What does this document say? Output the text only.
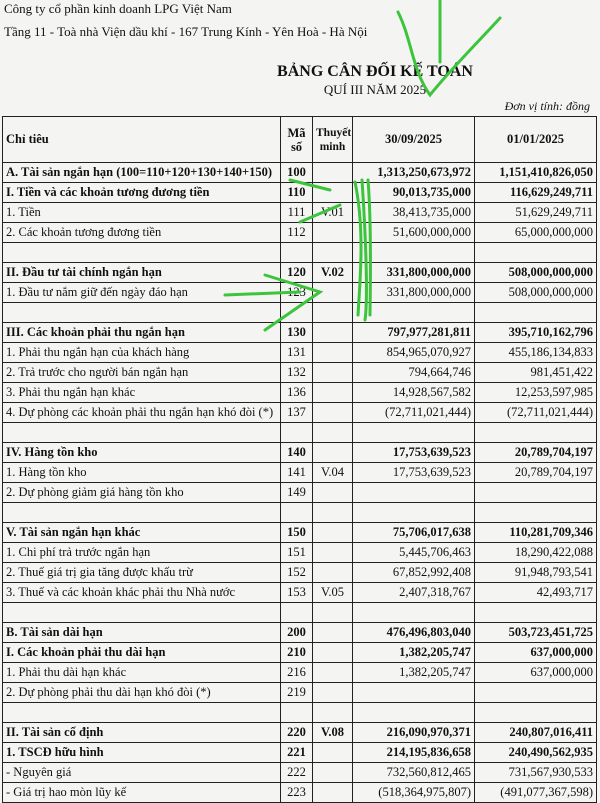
Công ty cổ phần kinh doanh LPG Việt Nam
Tầng 11 - Toà nhà Viện dầu khí - 167 Trung Kính - Yên Hoà - Hà Nội
BẢNG CÂN ĐỐI KẾ TOÁN
QUÍ III NĂM 2025
Đơn vị tính: đồng
Chỉ tiêu	Mã số	Thuyết minh	30/09/2025	01/01/2025
A. Tài sản ngắn hạn (100=110+120+130+140+150)	100		1,313,250,673,972	1,151,410,826,050
I. Tiền và các khoản tương đương tiền	110		90,013,735,000	116,629,249,711
1. Tiền	111	V.01	38,413,735,000	51,629,249,711
2. Các khoản tương đương tiền	112		51,600,000,000	65,000,000,000

II. Đầu tư tài chính ngắn hạn	120	V.02	331,800,000,000	508,000,000,000
1. Đầu tư nắm giữ đến ngày đáo hạn	123		331,800,000,000	508,000,000,000

III. Các khoản phải thu ngắn hạn	130		797,977,281,811	395,710,162,796
1. Phải thu ngắn hạn của khách hàng	131		854,965,070,927	455,186,134,833
2. Trả trước cho người bán ngắn hạn	132		794,664,746	981,451,422
3. Phải thu ngắn hạn khác	136		14,928,567,582	12,253,597,985
4. Dự phòng các khoản phải thu ngắn hạn khó đòi (*)	137		(72,711,021,444)	(72,711,021,444)

IV. Hàng tồn kho	140		17,753,639,523	20,789,704,197
1. Hàng tồn kho	141	V.04	17,753,639,523	20,789,704,197
2. Dự phòng giảm giá hàng tồn kho	149			

V. Tài sản ngắn hạn khác	150		75,706,017,638	110,281,709,346
1. Chi phí trả trước ngắn hạn	151		5,445,706,463	18,290,422,088
2. Thuế giá trị gia tăng được khấu trừ	152		67,852,992,408	91,948,793,541
3. Thuế và các khoản khác phải thu Nhà nước	153	V.05	2,407,318,767	42,493,717

B. Tài sản dài hạn	200		476,496,803,040	503,723,451,725
I. Các khoản phải thu dài hạn	210		1,382,205,747	637,000,000
1. Phải thu dài hạn khác	216		1,382,205,747	637,000,000
2. Dự phòng phải thu dài hạn khó đòi (*)	219			

II. Tài sản cố định	220	V.08	216,090,970,371	240,807,016,411
1. TSCĐ hữu hình	221		214,195,836,658	240,490,562,935
- Nguyên giá	222		732,560,812,465	731,567,930,533
- Giá trị hao mòn lũy kế	223		(518,364,975,807)	(491,077,367,598)
